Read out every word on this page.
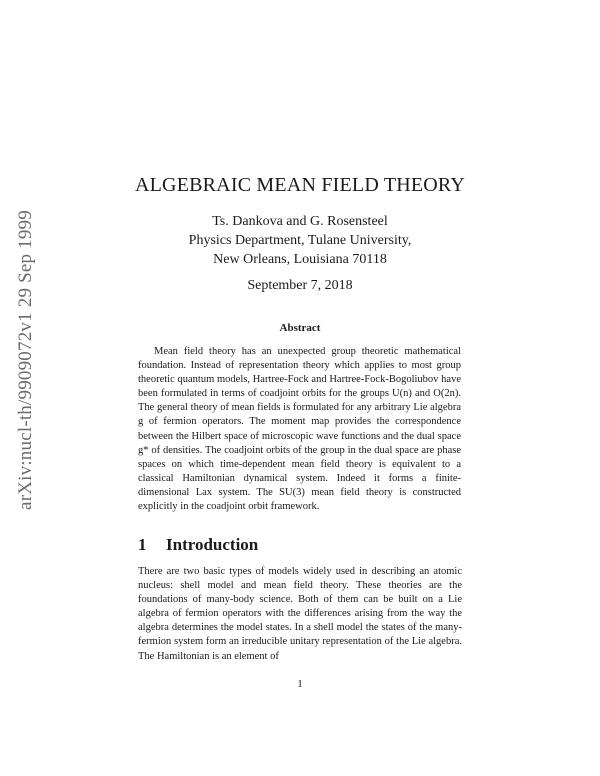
arXiv:nucl-th/9909072v1 29 Sep 1999
ALGEBRAIC MEAN FIELD THEORY
Ts. Dankova and G. Rosensteel
Physics Department, Tulane University,
New Orleans, Louisiana 70118
September 7, 2018
Abstract
Mean field theory has an unexpected group theoretic mathematical foundation. Instead of representation theory which applies to most group theoretic quantum models, Hartree-Fock and Hartree-Fock-Bogoliubov have been formulated in terms of coadjoint orbits for the groups U(n) and O(2n). The general theory of mean fields is formulated for any arbitrary Lie algebra g of fermion operators. The moment map provides the correspondence between the Hilbert space of microscopic wave functions and the dual space g* of densities. The coadjoint orbits of the group in the dual space are phase spaces on which time-dependent mean field theory is equivalent to a classical Hamiltonian dynamical system. Indeed it forms a finite-dimensional Lax system. The SU(3) mean field theory is constructed explicitly in the coadjoint orbit framework.
1 Introduction
There are two basic types of models widely used in describing an atomic nucleus: shell model and mean field theory. These theories are the foundations of many-body science. Both of them can be built on a Lie algebra of fermion operators with the differences arising from the way the algebra determines the model states. In a shell model the states of the many-fermion system form an irreducible unitary representation of the Lie algebra. The Hamiltonian is an element of
1
